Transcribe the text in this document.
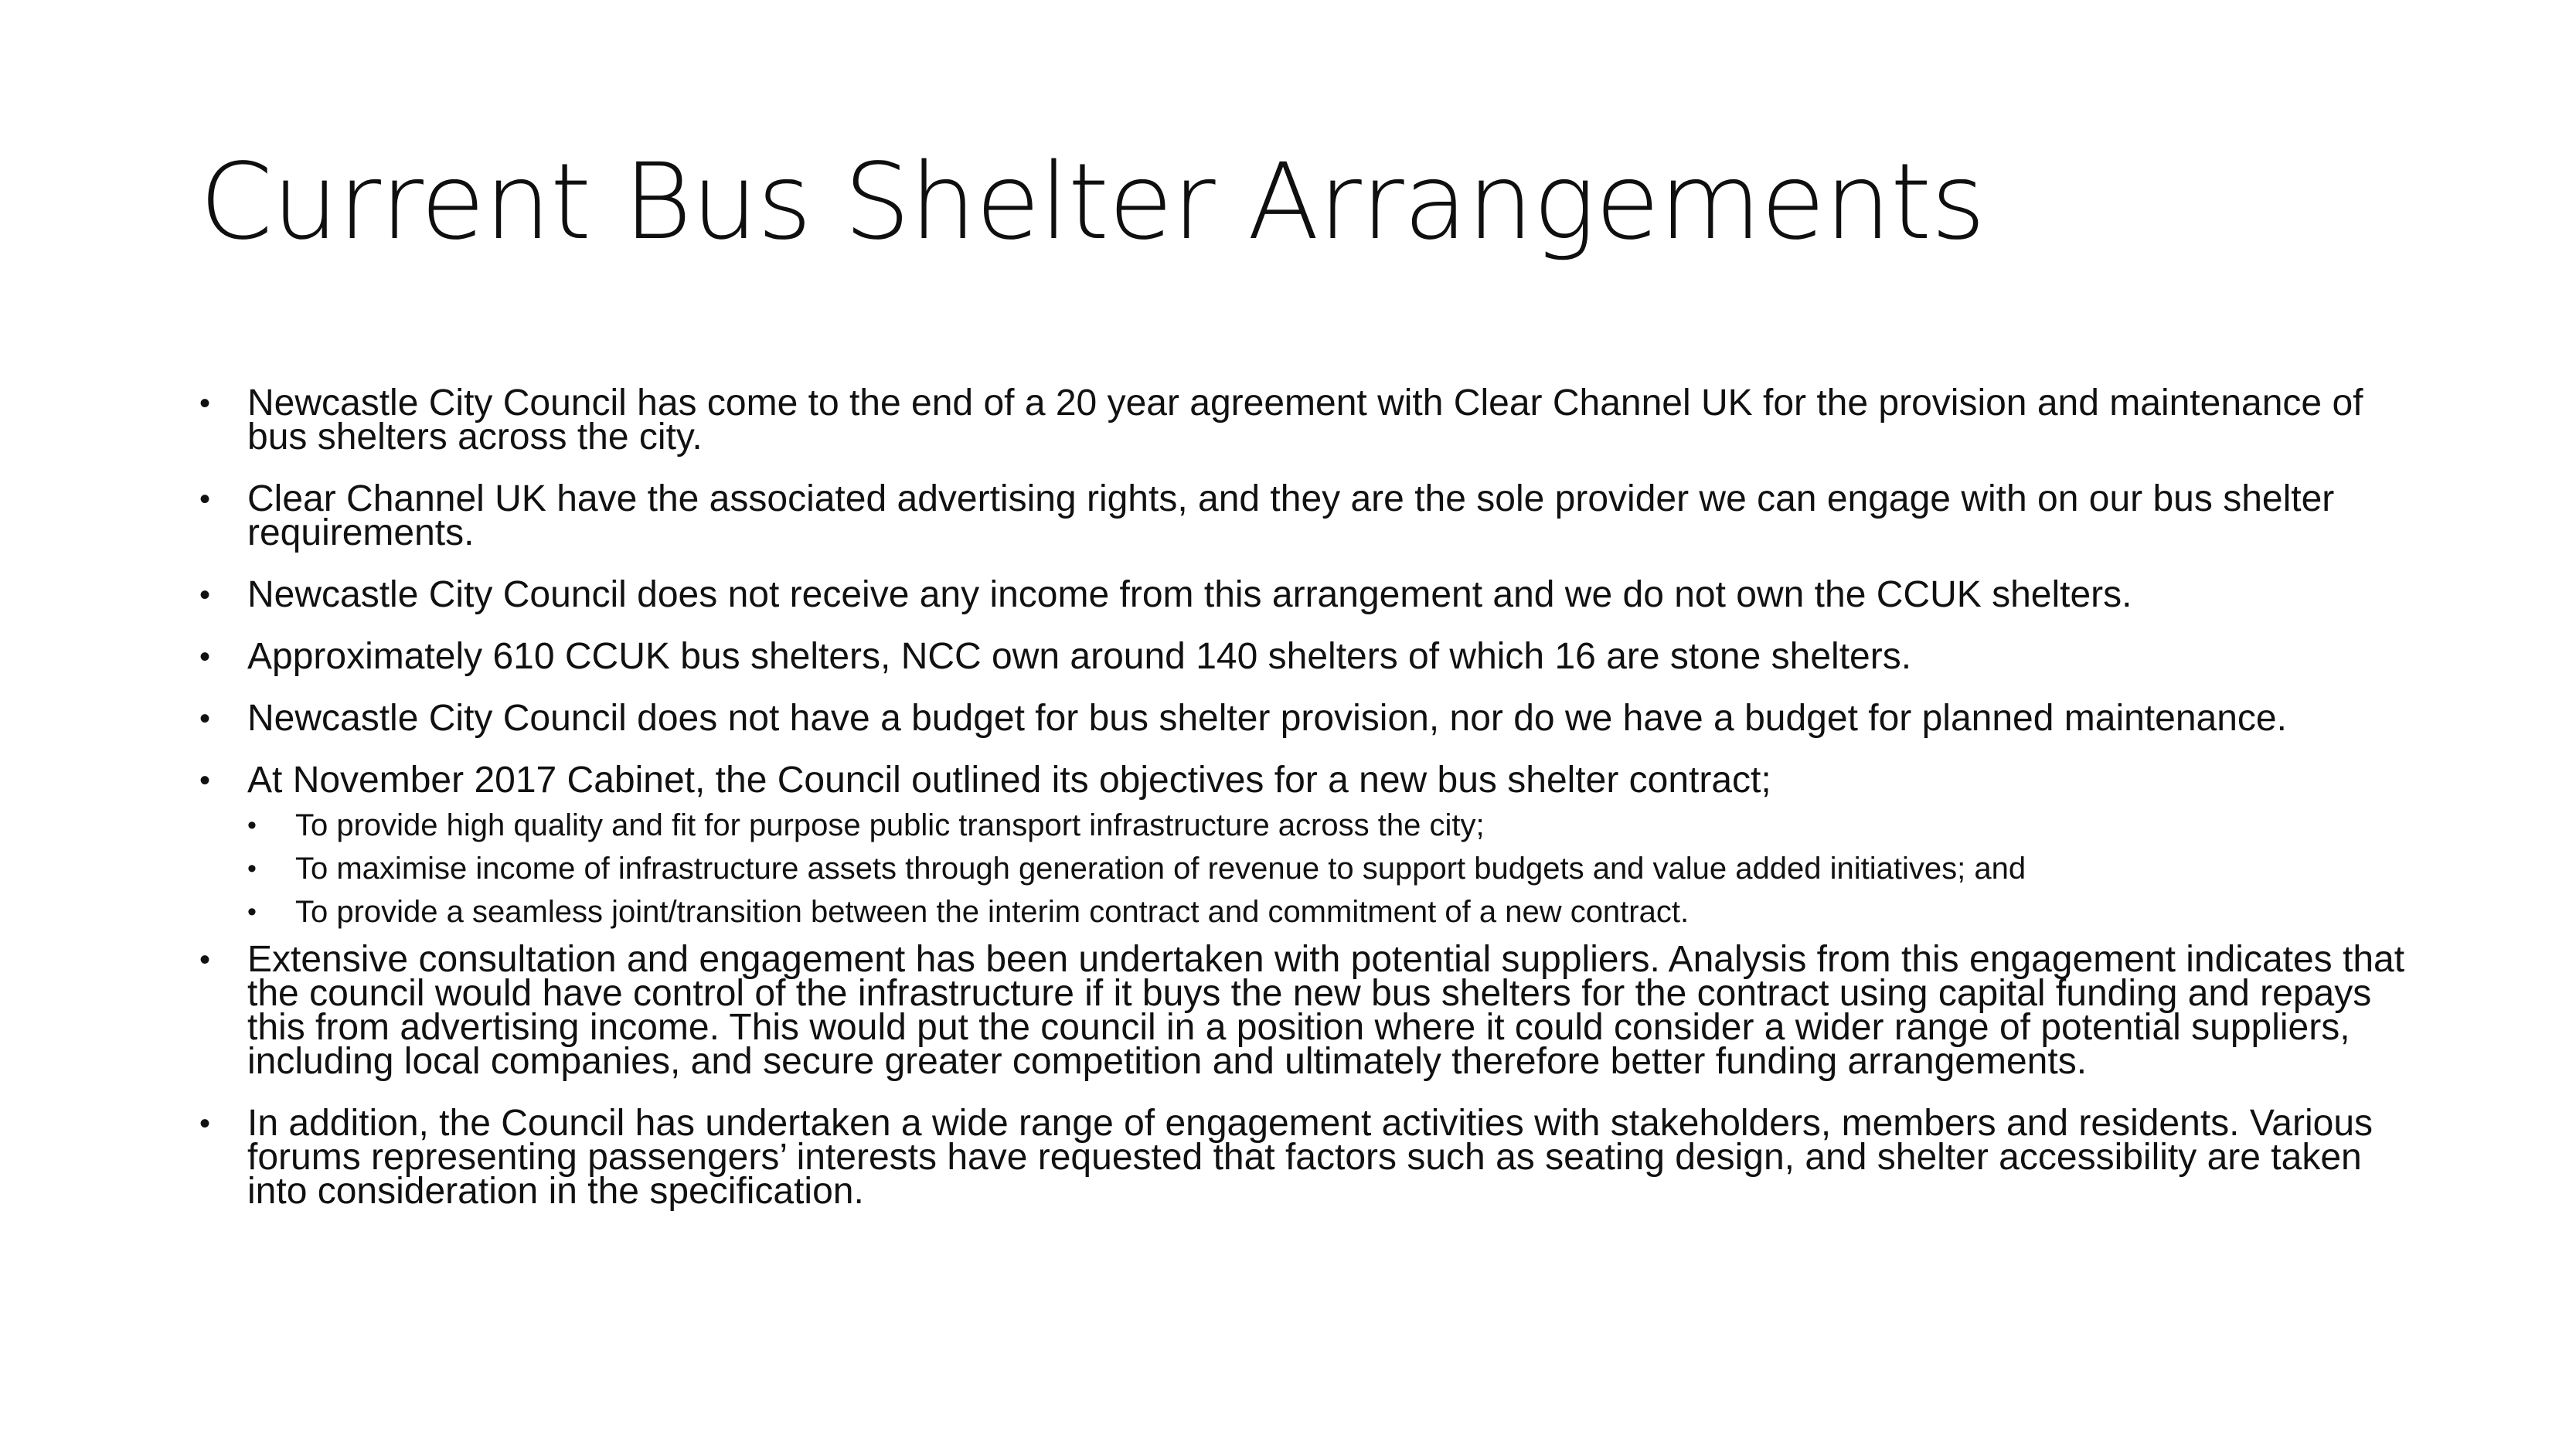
Current Bus Shelter Arrangements
• Newcastle City Council has come to the end of a 20 year agreement with Clear Channel UK for the provision and maintenance of bus shelters across the city.
• Clear Channel UK have the associated advertising rights, and they are the sole provider we can engage with on our bus shelter requirements.
• Newcastle City Council does not receive any income from this arrangement and we do not own the CCUK shelters.
• Approximately 610 CCUK bus shelters, NCC own around 140 shelters of which 16 are stone shelters.
• Newcastle City Council does not have a budget for bus shelter provision, nor do we have a budget for planned maintenance.
• At November 2017 Cabinet, the Council outlined its objectives for a new bus shelter contract;
• To provide high quality and fit for purpose public transport infrastructure across the city;
• To maximise income of infrastructure assets through generation of revenue to support budgets and value added initiatives; and
• To provide a seamless joint/transition between the interim contract and commitment of a new contract.
• Extensive consultation and engagement has been undertaken with potential suppliers. Analysis from this engagement indicates that the council would have control of the infrastructure if it buys the new bus shelters for the contract using capital funding and repays this from advertising income. This would put the council in a position where it could consider a wider range of potential suppliers, including local companies, and secure greater competition and ultimately therefore better funding arrangements.
• In addition, the Council has undertaken a wide range of engagement activities with stakeholders, members and residents. Various forums representing passengers’ interests have requested that factors such as seating design, and shelter accessibility are taken into consideration in the specification.
